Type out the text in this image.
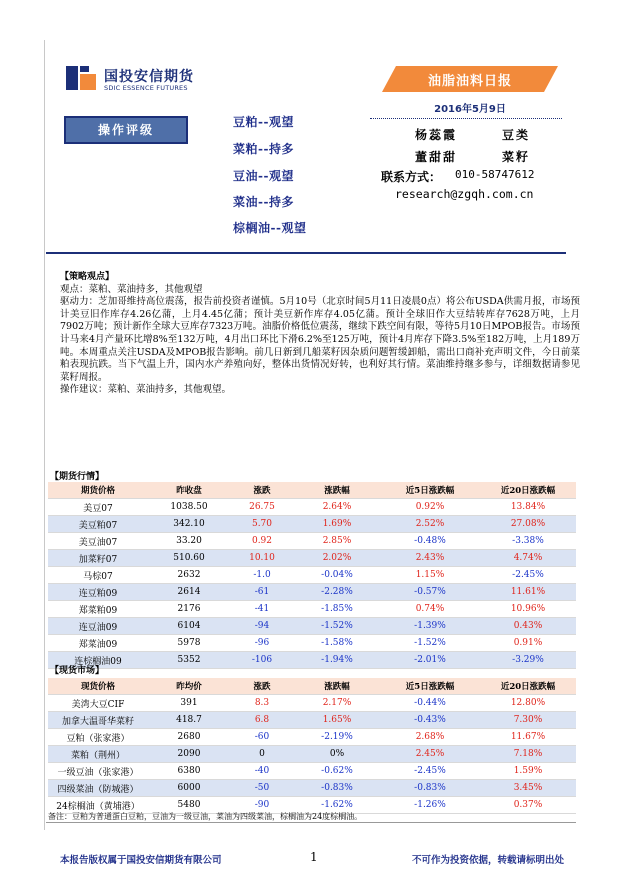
国投安信期货
SDIC ESSENCE FUTURES	油脂油料日报
2016年5月9日
操作评级
豆粕--观望
菜粕--持多
豆油--观望
菜油--持多
棕榈油--观望
杨蕊霞	豆类
董甜甜	菜籽
联系方式： 010-58747612
research@zgqh.com.cn

【策略观点】

观点：菜粕、菜油持多，其他观望
驱动力：芝加哥维持高位震荡，报告前投资者谨慎。5月10号（北京时间5月11日凌晨0点）将公布USDA供需月报，市场预计美豆旧作库存4.26亿蒲，上月4.45亿蒲；预计美豆新作库存4.05亿蒲。预计全球旧作大豆结转库存7628万吨，上月7902万吨；预计新作全球大豆库存7323万吨。油脂价格低位震荡，继续下跌空间有限，等待5月10日MPOB报告。市场预计马来4月产量环比增8%至132万吨，4月出口环比下滑6.2%至125万吨，预计4月库存下降3.5%至182万吨，上月189万吨。本周重点关注USDA及MPOB报告影响。前几日新到几船菜籽因杂质问题暂缓卸船，需出口商补充声明文件，今日前菜粕表现抗跌。当下气温上升，国内水产养殖向好，整体出货情况好转，也利好其行情。菜油维持继多参与，详细数据请参见菜籽周报。
操作建议：菜粕、菜油持多，其他观望。

【期货行情】
期货价格	昨收盘	涨跌	涨跌幅	近5日涨跌幅	近20日涨跌幅
美豆07	1038.50	26.75	2.64%	0.92%	13.84%
美豆粕07	342.10	5.70	1.69%	2.52%	27.08%
美豆油07	33.20	0.92	2.85%	-0.48%	-3.38%
加菜籽07	510.60	10.10	2.02%	2.43%	4.74%
马棕07	2632	-1.0	-0.04%	1.15%	-2.45%
连豆粕09	2614	-61	-2.28%	-0.57%	11.61%
郑菜粕09	2176	-41	-1.85%	0.74%	10.96%
连豆油09	6104	-94	-1.52%	-1.39%	0.43%
郑菜油09	5978	-96	-1.58%	-1.52%	0.91%
连棕榈油09	5352	-106	-1.94%	-2.01%	-3.29%
【现货市场】
现货价格	昨均价	涨跌	涨跌幅	近5日涨跌幅	近20日涨跌幅
美湾大豆CIF	391	8.3	2.17%	-0.44%	12.80%
加拿大温哥华菜籽	418.7	6.8	1.65%	-0.43%	7.30%
豆粕（张家港）	2680	-60	-2.19%	2.68%	11.67%
菜粕（荆州）	2090	0	0%	2.45%	7.18%
一级豆油（张家港）	6380	-40	-0.62%	-2.45%	1.59%
四级菜油（防城港）	6000	-50	-0.83%	-0.83%	3.45%
24棕榈油（黄埔港）	5480	-90	-1.62%	-1.26%	0.37%
备注：豆粕为普通蛋白豆粕，豆油为一级豆油，菜油为四级菜油，棕榈油为24度棕榈油。
本报告版权属于国投安信期货有限公司	1	不可作为投资依据，转载请标明出处
